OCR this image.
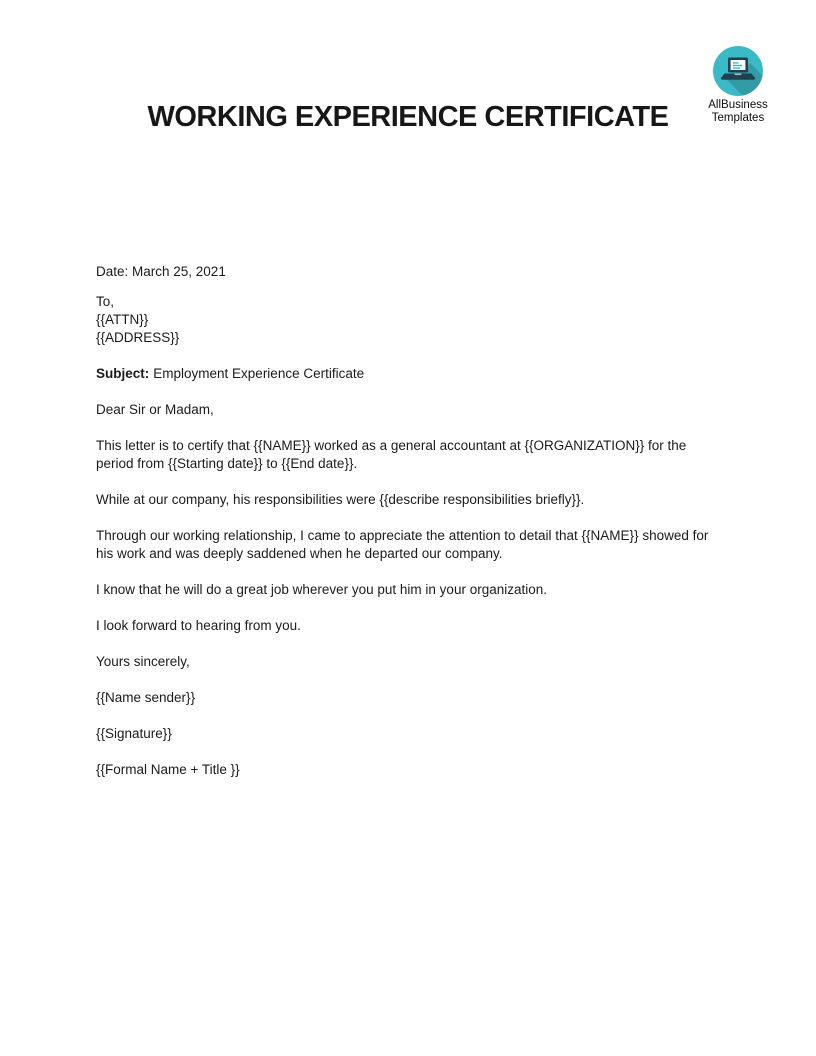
AllBusiness
Templates
WORKING EXPERIENCE CERTIFICATE

Date: March 25, 2021

To,
{{ATTN}}
{{ADDRESS}}

Subject: Employment Experience Certificate

Dear Sir or Madam,

This letter is to certify that {{NAME}} worked as a general accountant at {{ORGANIZATION}} for the period from {{Starting date}} to {{End date}}.

While at our company, his responsibilities were {{describe responsibilities briefly}}.

Through our working relationship, I came to appreciate the attention to detail that {{NAME}} showed for his work and was deeply saddened when he departed our company.

I know that he will do a great job wherever you put him in your organization.

I look forward to hearing from you.

Yours sincerely,

{{Name sender}}

{{Signature}}

{{Formal Name + Title }}
